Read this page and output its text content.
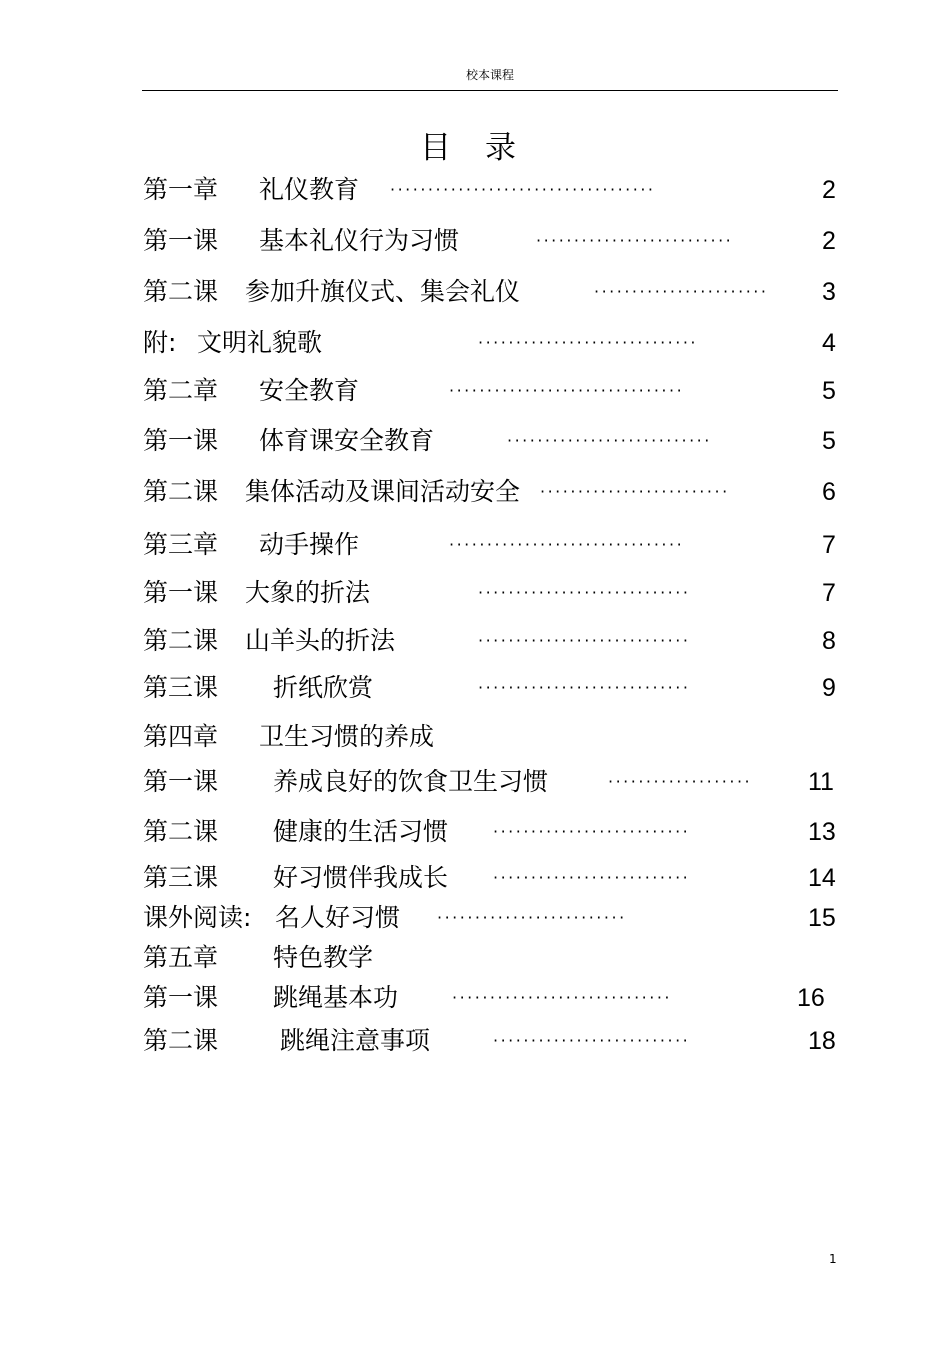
校本课程
目录
第一章 礼仪教育 ···································	2
第一课 基本礼仪行为习惯	··························	2
第二课 参加升旗仪式、集会礼仪	······················· 3
附: 文明礼貌歌	·····························	4
第二章 安全教育	·······························	5
第一课 体育课安全教育	···························	5
第二课 集体活动及课间活动安全 ·························	6
第三章 动手操作	·······························	7
第一课 大象的折法	····························	7
第二课 山羊头的折法	····························	8
第三课 折纸欣赏	····························	9
第四章 卫生习惯的养成
第一课 养成良好的饮食卫生习惯	··················· 11
第二课 健康的生活习惯	··························	13
第三课 好习惯伴我成长	··························	14
课外阅读: 名人好习惯 ·························	15
第五章 特色教学
第一课 跳绳基本功	·····························	16
第二课 跳绳注意事项	··························	18
1
